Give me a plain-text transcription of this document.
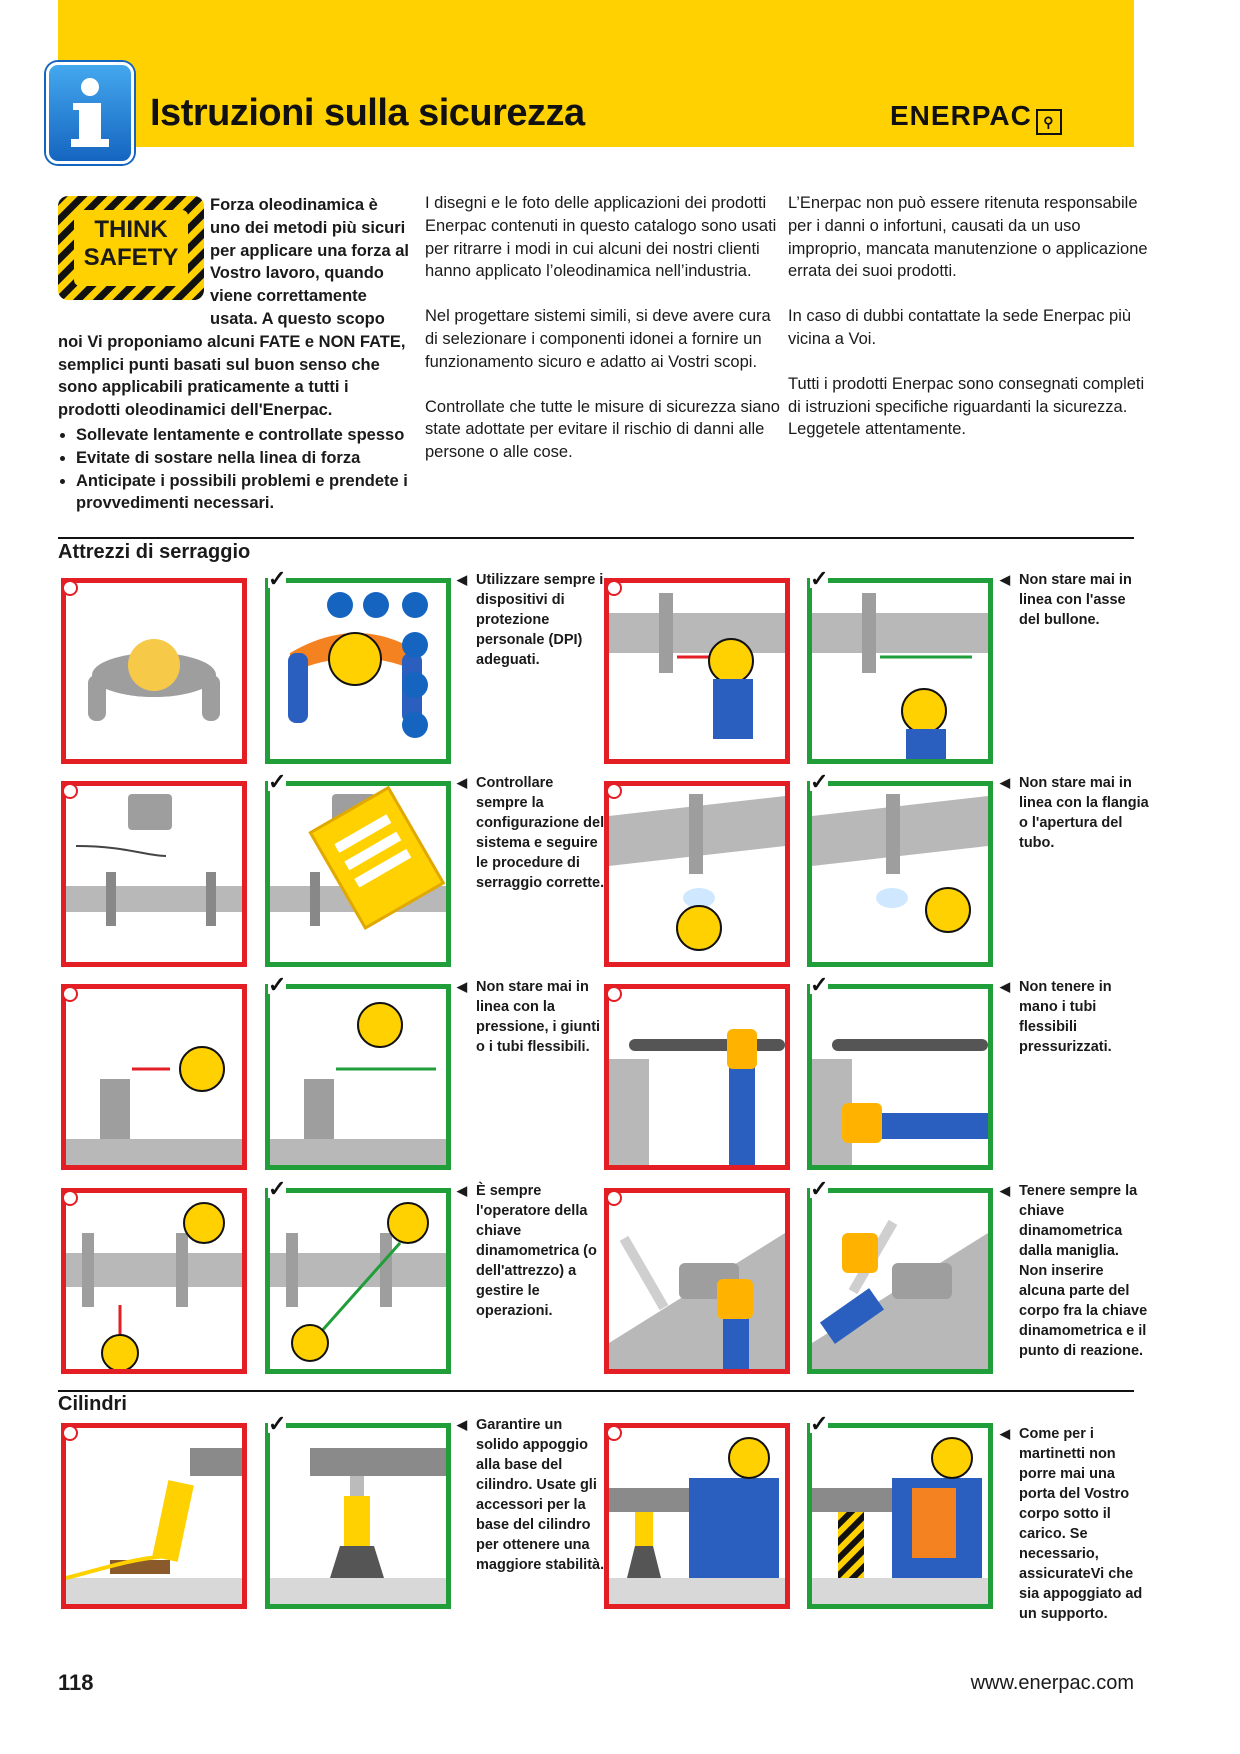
Istruzioni sulla sicurezza	ENERPAC ⚲
THINK
SAFETY
Forza oleodinamica è uno dei metodi più sicuri per applicare una forza al Vostro lavoro, quando viene correttamente usata. A questo scopo noi Vi proponiamo alcuni FATE e NON FATE, semplici punti basati sul buon senso che sono applicabili praticamente a tutti i prodotti oleodinamici dell'Enerpac.
• Sollevate lentamente e controllate spesso
• Evitate di sostare nella linea di forza
• Anticipate i possibili problemi e prendete i provvedimenti necessari.

I disegni e le foto delle applicazioni dei prodotti Enerpac contenuti in questo catalogo sono usati per ritrarre i modi in cui alcuni dei nostri clienti hanno applicato l’oleodinamica nell’industria.

Nel progettare sistemi simili, si deve avere cura di selezionare i componenti idonei a fornire un funzionamento sicuro e adatto ai Vostri scopi.

Controllate che tutte le misure di sicurezza siano state adottate per evitare il rischio di danni alle persone o alle cose.

L’Enerpac non può essere ritenuta responsabile per i danni o infortuni, causati da un uso improprio, mancata manutenzione o applicazione errata dei suoi prodotti.

In caso di dubbi contattate la sede Enerpac più vicina a Voi.

Tutti i prodotti Enerpac sono consegnati completi di istruzioni specifiche riguardanti la sicurezza. Leggetele attentamente.

Attrezzi di serraggio
◀ Utilizzare sempre i dispositivi di protezione personale (DPI) adeguati.
◀ Non stare mai in linea con l'asse del bullone.
◀ Controllare sempre la configurazione del sistema e seguire le procedure di serraggio corrette.
◀ Non stare mai in linea con la flangia o l'apertura del tubo.
◀ Non stare mai in linea con la pressione, i giunti o i tubi flessibili.
◀ Non tenere in mano i tubi flessibili pressurizzati.
◀ È sempre l'operatore della chiave dinamometrica (o dell'attrezzo) a gestire le operazioni.
◀ Tenere sempre la chiave dinamometrica dalla maniglia. Non inserire alcuna parte del corpo fra la chiave dinamometrica e il punto di reazione.
Cilindri
◀ Garantire un solido appoggio alla base del cilindro. Usate gli accessori per la base del cilindro per ottenere una maggiore stabilità.
◀ Come per i martinetti non porre mai una porta del Vostro corpo sotto il carico. Se necessario, assicurateVi che sia appoggiato ad un supporto.
✓	✓
✓	✓
✓	✓
✓	✓
✓	✓
118	www.enerpac.com
